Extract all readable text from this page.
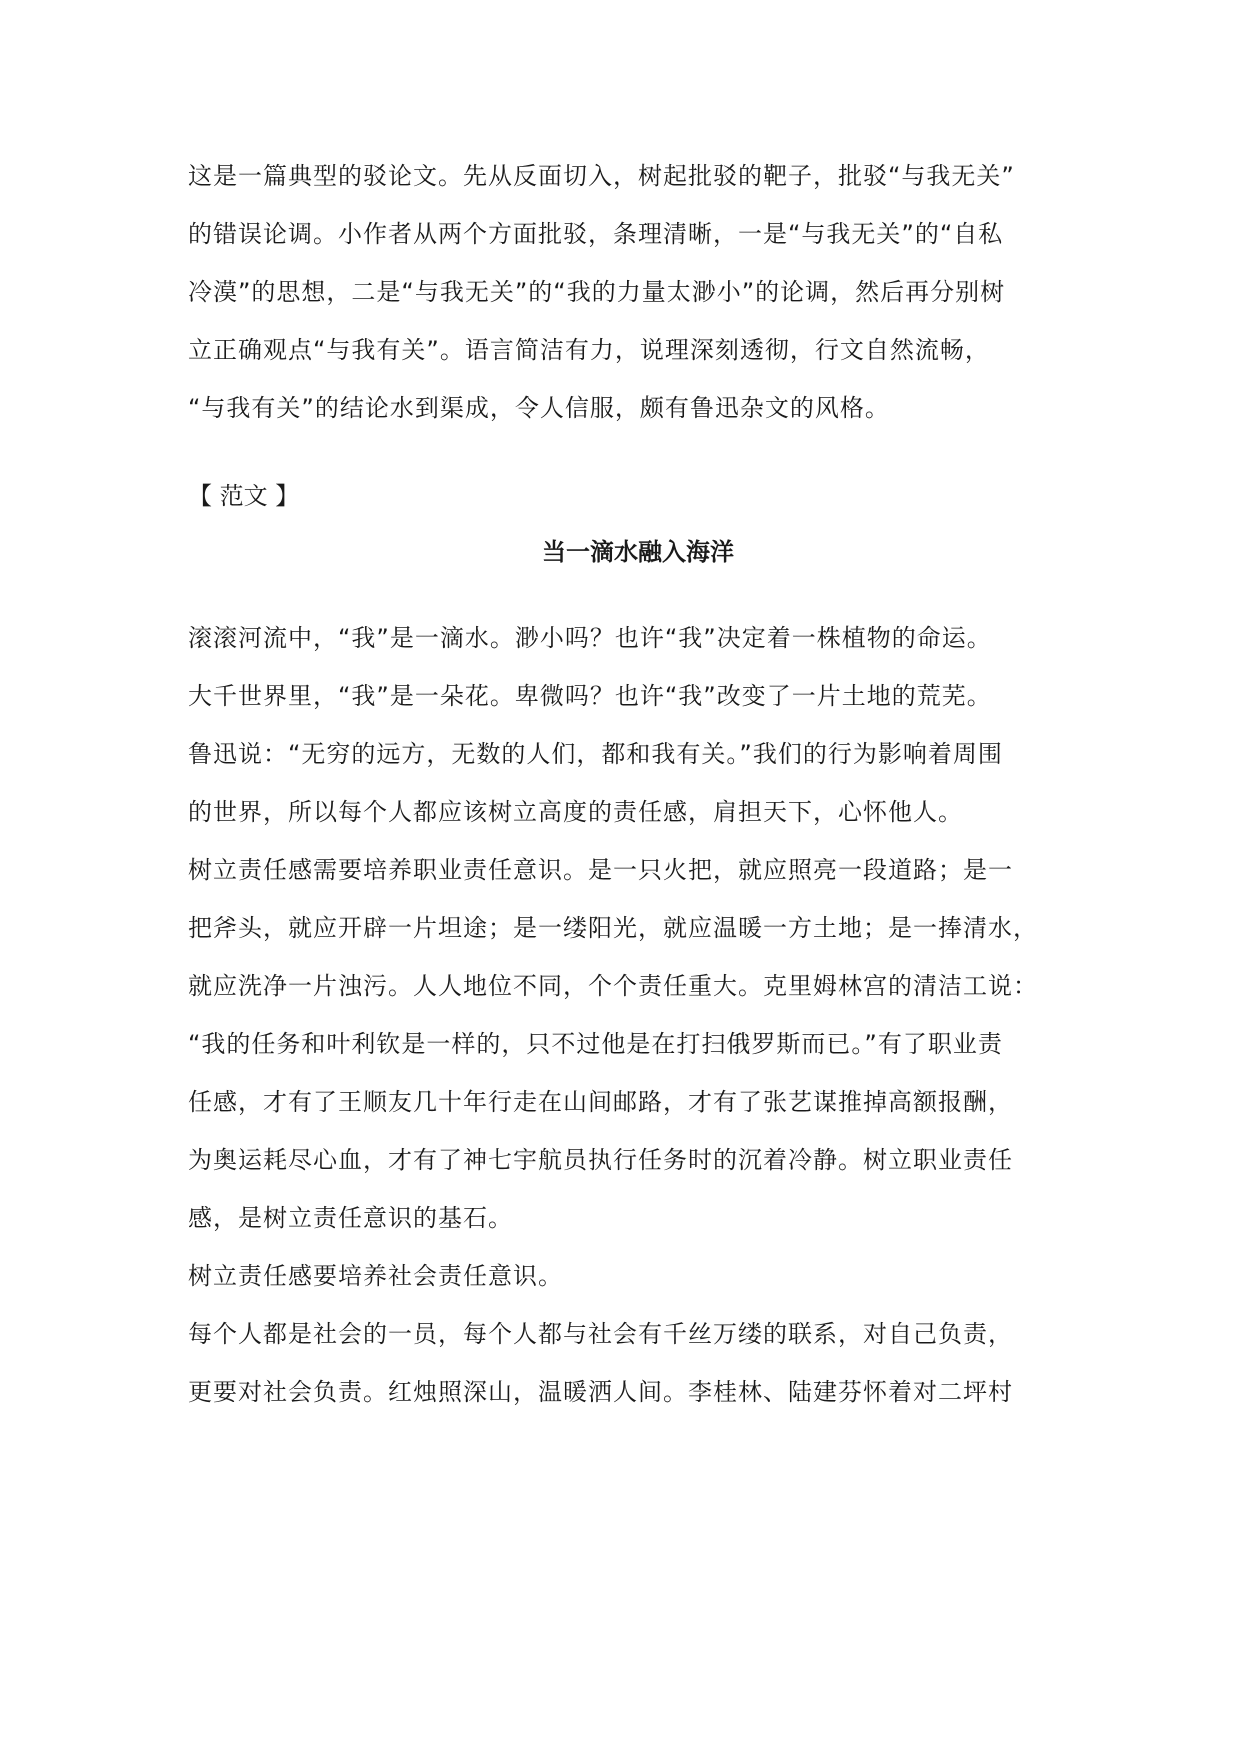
这是一篇典型的驳论文。先从反面切入，树起批驳的靶子，批驳“与我无关”
的错误论调。小作者从两个方面批驳，条理清晰，一是“与我无关”的“自私
冷漠”的思想，二是“与我无关”的“我的力量太渺小”的论调，然后再分别树
立正确观点“与我有关”。语言简洁有力，说理深刻透彻，行文自然流畅，
“与我有关”的结论水到渠成，令人信服，颇有鲁迅杂文的风格。
【 范文 】
当一滴水融入海洋
滚滚河流中，“我”是一滴水。渺小吗？也许“我”决定着一株植物的命运。
大千世界里，“我”是一朵花。卑微吗？也许“我”改变了一片土地的荒芜。
鲁迅说：“无穷的远方，无数的人们，都和我有关。”我们的行为影响着周围
的世界，所以每个人都应该树立高度的责任感，肩担天下，心怀他人。
树立责任感需要培养职业责任意识。是一只火把，就应照亮一段道路；是一
把斧头，就应开辟一片坦途；是一缕阳光，就应温暖一方土地；是一捧清水，
就应洗净一片浊污。人人地位不同，个个责任重大。克里姆林宫的清洁工说：
“我的任务和叶利钦是一样的，只不过他是在打扫俄罗斯而已。”有了职业责
任感，才有了王顺友几十年行走在山间邮路，才有了张艺谋推掉高额报酬，
为奥运耗尽心血，才有了神七宇航员执行任务时的沉着冷静。树立职业责任
感，是树立责任意识的基石。
树立责任感要培养社会责任意识。
每个人都是社会的一员，每个人都与社会有千丝万缕的联系，对自己负责，
更要对社会负责。红烛照深山，温暖洒人间。李桂林、陆建芬怀着对二坪村
